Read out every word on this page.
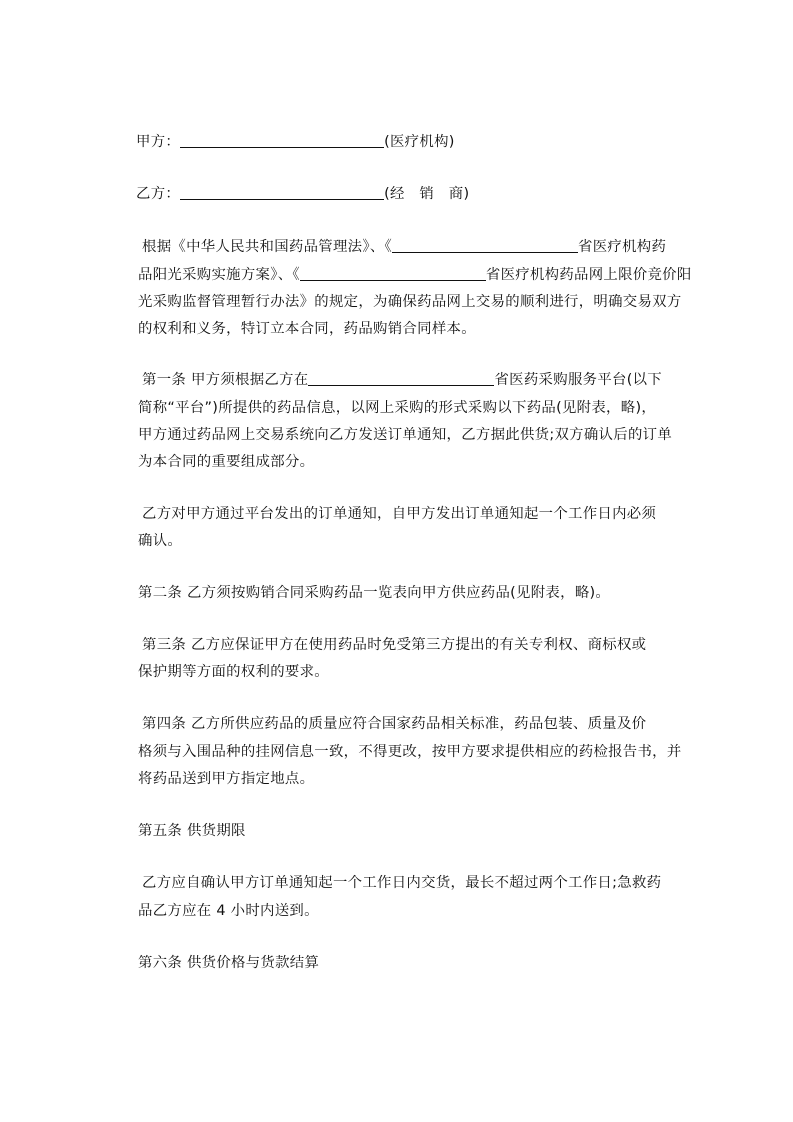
甲方：	(医疗机构)
乙方：	(经　销　商)
根据《中华人民共和国药品管理法》、《	省医疗机构药
品阳光采购实施方案》、《	省医疗机构药品网上限价竞价阳
光采购监督管理暂行办法》的规定，为确保药品网上交易的顺利进行，明确交易双方
的权利和义务，特订立本合同，药品购销合同样本。
第一条 甲方须根据乙方在	省医药采购服务平台(以下
简称“平台”)所提供的药品信息，以网上采购的形式采购以下药品(见附表，略)，
甲方通过药品网上交易系统向乙方发送订单通知，乙方据此供货;双方确认后的订单
为本合同的重要组成部分。
乙方对甲方通过平台发出的订单通知，自甲方发出订单通知起一个工作日内必须
确认。
第二条 乙方须按购销合同采购药品一览表向甲方供应药品(见附表，略)。
第三条 乙方应保证甲方在使用药品时免受第三方提出的有关专利权、商标权或
保护期等方面的权利的要求。
第四条 乙方所供应药品的质量应符合国家药品相关标准，药品包装、质量及价
格须与入围品种的挂网信息一致，不得更改，按甲方要求提供相应的药检报告书，并
将药品送到甲方指定地点。
第五条 供货期限
乙方应自确认甲方订单通知起一个工作日内交货，最长不超过两个工作日;急救药
品乙方应在 4 小时内送到。
第六条 供货价格与货款结算
